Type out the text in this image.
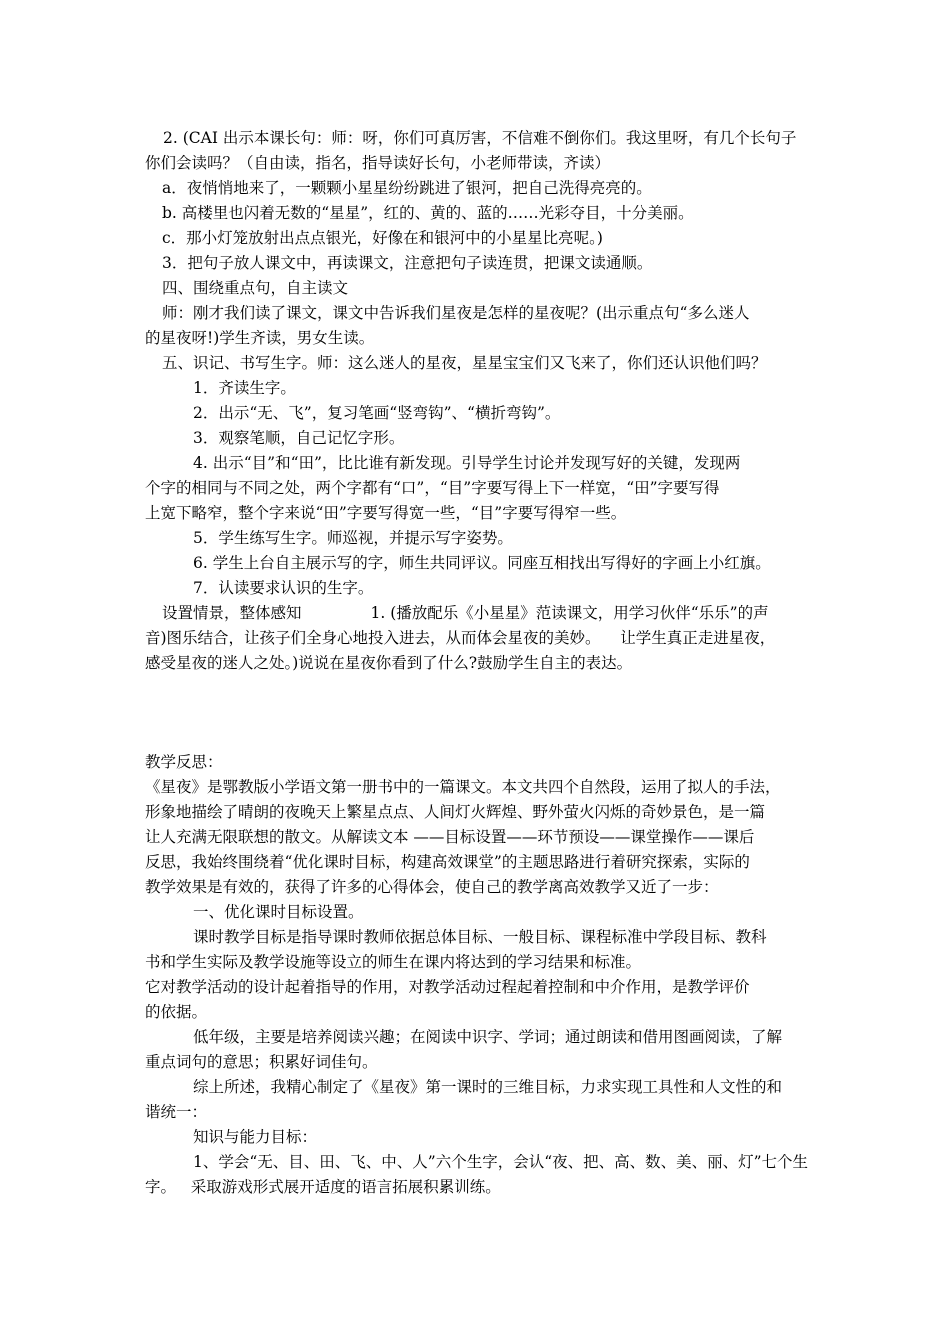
2. (CAI 出示本课长句：师：呀，你们可真厉害，不信难不倒你们。我这里呀，有几个长句子
你们会读吗？（自由读，指名，指导读好长句，小老师带读，齐读）
a．夜悄悄地来了，一颗颗小星星纷纷跳进了银河，把自己洗得亮亮的。
b. 高楼里也闪着无数的“星星”，红的、黄的、蓝的……光彩夺目，十分美丽。
c．那小灯笼放射出点点银光，好像在和银河中的小星星比亮呢。)
3．把句子放人课文中，再读课文，注意把句子读连贯，把课文读通顺。
四、围绕重点句，自主读文
师：刚才我们读了课文，课文中告诉我们星夜是怎样的星夜呢？(出示重点句“多么迷人
的星夜呀!)学生齐读，男女生读。
五、识记、书写生字。师：这么迷人的星夜，星星宝宝们又飞来了，你们还认识他们吗？
1．齐读生字。
2．出示“无、飞”，复习笔画“竖弯钩”、“横折弯钩”。
3．观察笔顺，自己记忆字形。
4. 出示“目”和“田”，比比谁有新发现。引导学生讨论并发现写好的关键，发现两
个字的相同与不同之处，两个字都有“口”，“目”字要写得上下一样宽，“田”字要写得
上宽下略窄，整个字来说“田”字要写得宽一些，“目”字要写得窄一些。
5．学生练写生字。师巡视，并提示写字姿势。
6. 学生上台自主展示写的字，师生共同评议。同座互相找出写得好的字画上小红旗。
7．认读要求认识的生字。
设置情景，整体感知              1. (播放配乐《小星星》范读课文，用学习伙伴“乐乐”的声
音)图乐结合，让孩子们全身心地投入进去，从而体会星夜的美妙。    让学生真正走进星夜，
感受星夜的迷人之处。)说说在星夜你看到了什么?鼓励学生自主的表达。
教学反思：
《星夜》是鄂教版小学语文第一册书中的一篇课文。本文共四个自然段，运用了拟人的手法，
形象地描绘了晴朗的夜晚天上繁星点点、人间灯火辉煌、野外萤火闪烁的奇妙景色，是一篇
让人充满无限联想的散文。从解读文本 ——目标设置——环节预设——课堂操作——课后
反思，我始终围绕着“优化课时目标，构建高效课堂”的主题思路进行着研究探索，实际的
教学效果是有效的，获得了许多的心得体会，使自己的教学离高效教学又近了一步：
一、优化课时目标设置。
课时教学目标是指导课时教师依据总体目标、一般目标、课程标准中学段目标、教科
书和学生实际及教学设施等设立的师生在课内将达到的学习结果和标准。
它对教学活动的设计起着指导的作用，对教学活动过程起着控制和中介作用，是教学评价
的依据。
低年级，主要是培养阅读兴趣；在阅读中识字、学词；通过朗读和借用图画阅读，了解
重点词句的意思；积累好词佳句。
综上所述，我精心制定了《星夜》第一课时的三维目标，力求实现工具性和人文性的和
谐统一：
知识与能力目标：
1、学会“无、目、田、飞、中、人”六个生字，会认“夜、把、高、数、美、丽、灯”七个生
字。   采取游戏形式展开适度的语言拓展积累训练。
